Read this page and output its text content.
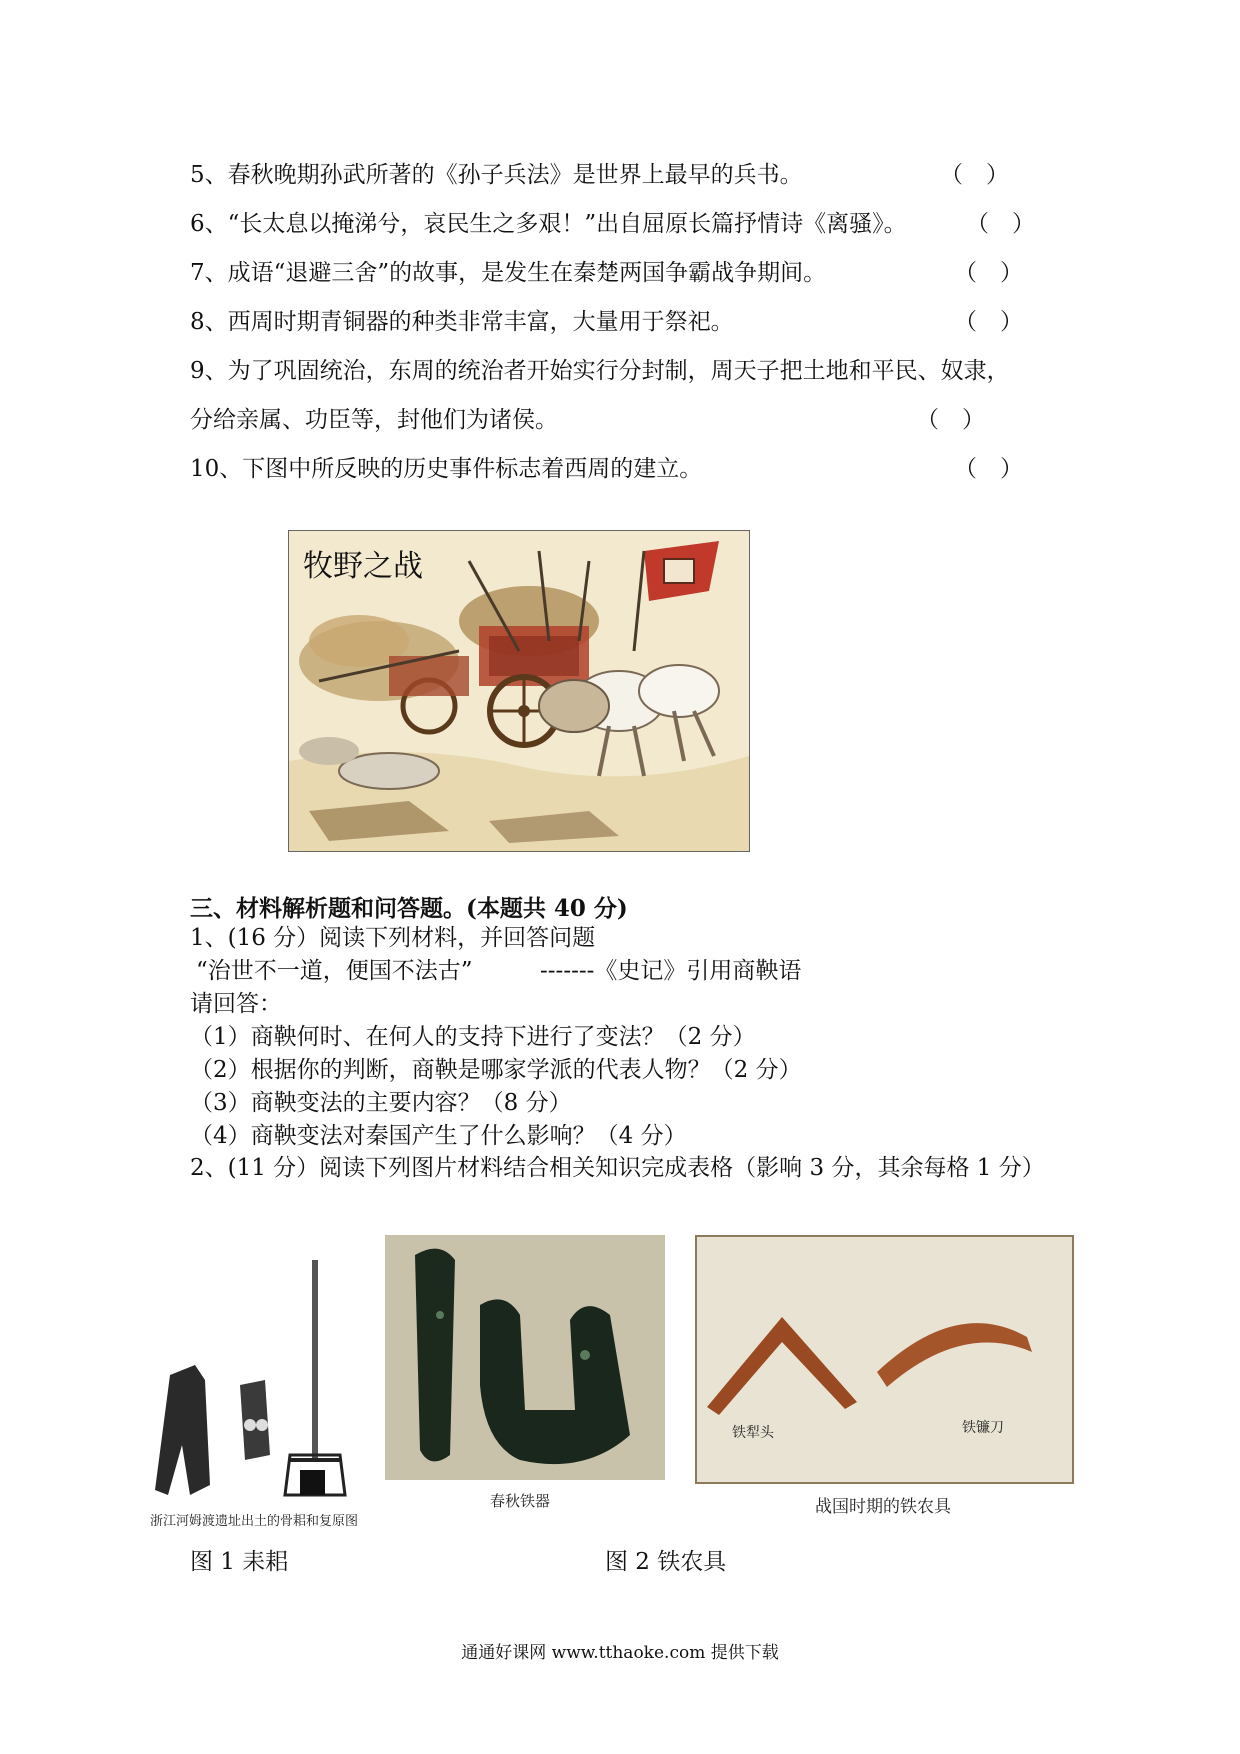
5、春秋晚期孙武所著的《孙子兵法》是世界上最早的兵书。	（　）
6、“长太息以掩涕兮，哀民生之多艰！”出自屈原长篇抒情诗《离骚》。	（　）
7、成语“退避三舍”的故事，是发生在秦楚两国争霸战争期间。	（　）
8、西周时期青铜器的种类非常丰富，大量用于祭祀。	（　）
9、为了巩固统治，东周的统治者开始实行分封制，周天子把土地和平民、奴隶，
分给亲属、功臣等，封他们为诸侯。	（　）
10、下图中所反映的历史事件标志着西周的建立。	（　）
牧野之战
三、材料解析题和问答题。(本题共 40 分)
1、(16 分）阅读下列材料，并回答问题
“治世不一道，便国不法古”	-------《史记》引用商鞅语
请回答：
（1）商鞅何时、在何人的支持下进行了变法？（2 分）
（2）根据你的判断，商鞅是哪家学派的代表人物？（2 分）
（3）商鞅变法的主要内容？（8 分）
（4）商鞅变法对秦国产生了什么影响？（4 分）
2、(11 分）阅读下列图片材料结合相关知识完成表格（影响 3 分，其余每格 1 分）
浙江河姆渡遗址出土的骨耜和复原图
春秋铁器
铁犁头	铁镰刀
战国时期的铁农具
图 1 耒耜	图 2 铁农具
通通好课网 www.tthaoke.com 提供下载
